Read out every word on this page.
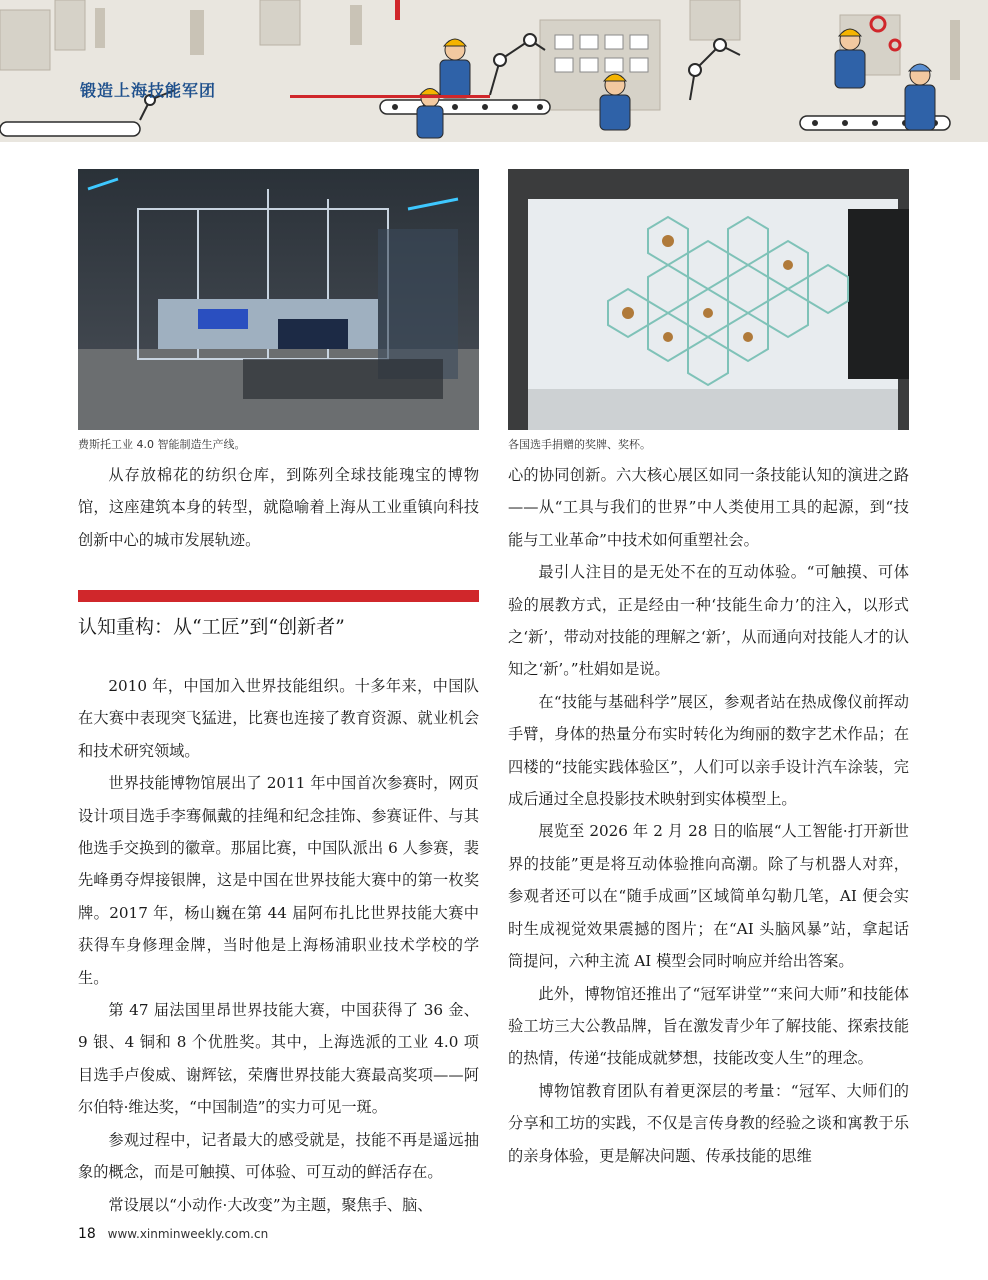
锻造上海技能军团
费斯托工业 4.0 智能制造生产线。	各国选手捐赠的奖牌、奖杯。

从存放棉花的纺织仓库，到陈列全球技能瑰宝的博物馆，这座建筑本身的转型，就隐喻着上海从工业重镇向科技创新中心的城市发展轨迹。

认知重构：从“工匠”到“创新者”

2010 年，中国加入世界技能组织。十多年来，中国队在大赛中表现突飞猛进，比赛也连接了教育资源、就业机会和技术研究领域。

世界技能博物馆展出了 2011 年中国首次参赛时，网页设计项目选手李骞佩戴的挂绳和纪念挂饰、参赛证件、与其他选手交换到的徽章。那届比赛，中国队派出 6 人参赛，裴先峰勇夺焊接银牌，这是中国在世界技能大赛中的第一枚奖牌。2017 年，杨山巍在第 44 届阿布扎比世界技能大赛中获得车身修理金牌，当时他是上海杨浦职业技术学校的学生。

第 47 届法国里昂世界技能大赛，中国获得了 36 金、9 银、4 铜和 8 个优胜奖。其中，上海选派的工业 4.0 项目选手卢俊威、谢辉铉，荣膺世界技能大赛最高奖项——阿尔伯特·维达奖，“中国制造”的实力可见一斑。

参观过程中，记者最大的感受就是，技能不再是遥远抽象的概念，而是可触摸、可体验、可互动的鲜活存在。

常设展以“小动作·大改变”为主题，聚焦手、脑、

心的协同创新。六大核心展区如同一条技能认知的演进之路——从“工具与我们的世界”中人类使用工具的起源，到“技能与工业革命”中技术如何重塑社会。

最引人注目的是无处不在的互动体验。“可触摸、可体验的展教方式，正是经由一种‘技能生命力’的注入，以形式之‘新’，带动对技能的理解之‘新’，从而通向对技能人才的认知之‘新’。”杜娟如是说。

在“技能与基础科学”展区，参观者站在热成像仪前挥动手臂，身体的热量分布实时转化为绚丽的数字艺术作品；在四楼的“技能实践体验区”，人们可以亲手设计汽车涂装，完成后通过全息投影技术映射到实体模型上。

展览至 2026 年 2 月 28 日的临展“人工智能·打开新世界的技能”更是将互动体验推向高潮。除了与机器人对弈，参观者还可以在“随手成画”区域简单勾勒几笔，AI 便会实时生成视觉效果震撼的图片；在“AI 头脑风暴”站，拿起话筒提问，六种主流 AI 模型会同时响应并给出答案。

此外，博物馆还推出了“冠军讲堂”“来问大师”和技能体验工坊三大公教品牌，旨在激发青少年了解技能、探索技能的热情，传递“技能成就梦想，技能改变人生”的理念。

博物馆教育团队有着更深层的考量：“冠军、大师们的分享和工坊的实践，不仅是言传身教的经验之谈和寓教于乐的亲身体验，更是解决问题、传承技能的思维

18 www.xinminweekly.com.cn
